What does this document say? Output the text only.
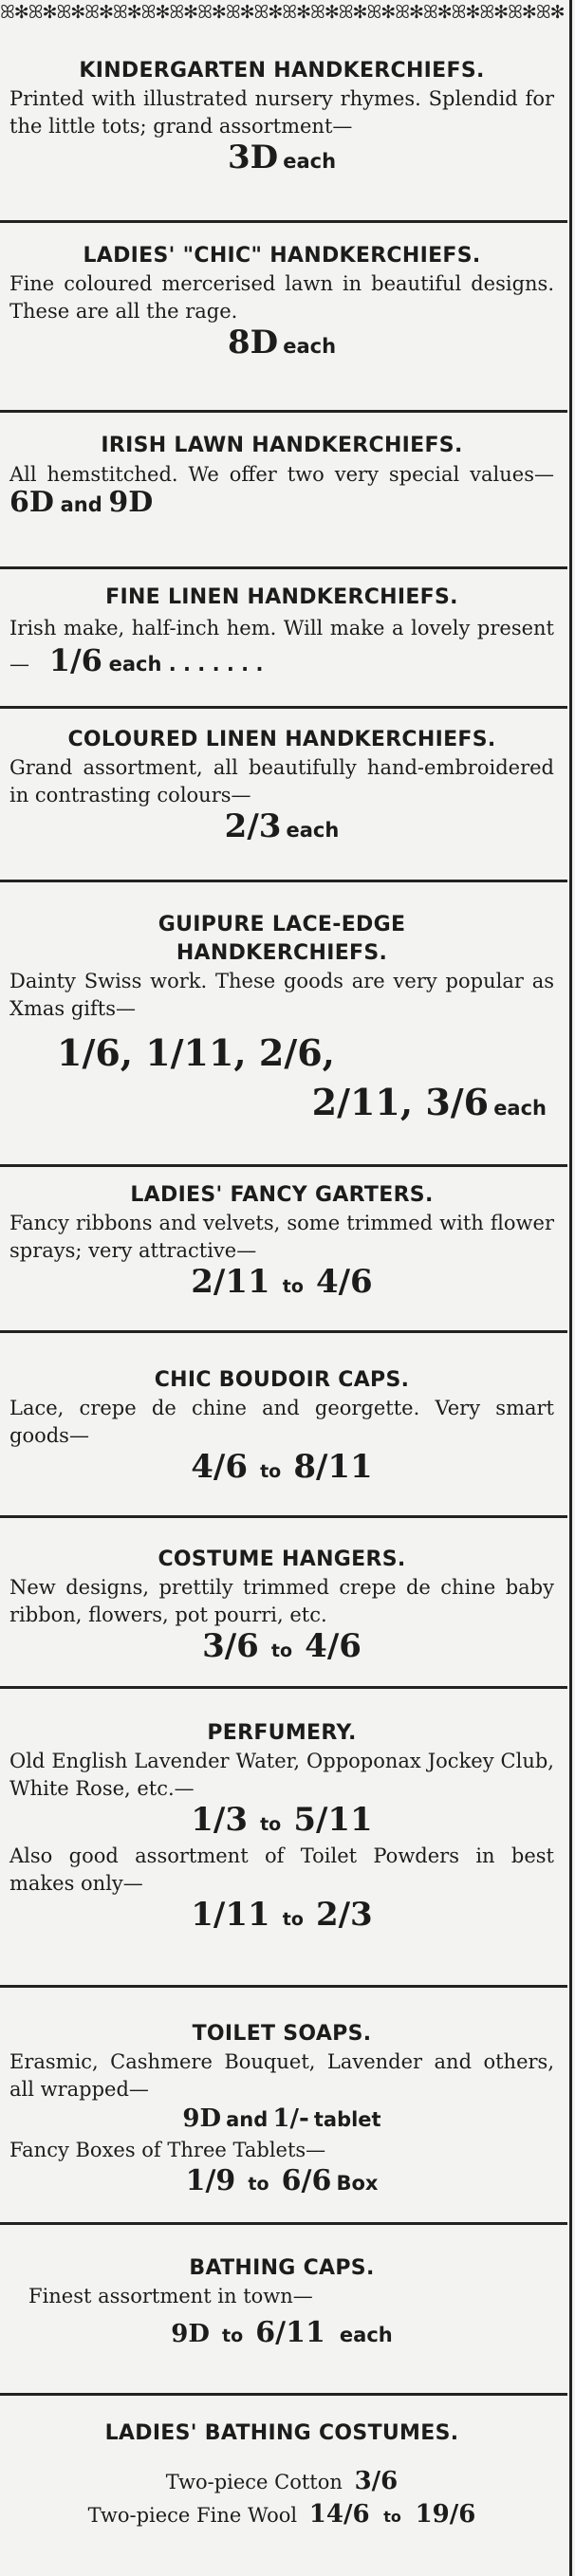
ꕤ✻ꕤ✻ꕤ✻ꕤ✻ꕤ✻ꕤ✻ꕤ✻ꕤ✻ꕤ✻ꕤ✻ꕤ✻ꕤ✻ꕤ✻ꕤ✻ꕤ✻ꕤ✻ꕤ✻ꕤ✻ꕤ✻ꕤ✻

KINDERGARTEN HANDKERCHIEFS.

Printed with illustrated nursery rhymes. Splendid for the little tots; grand assortment—

3D each

LADIES' "CHIC" HANDKERCHIEFS.

Fine coloured mercerised lawn in beautiful designs. These are all the rage.

8D each

IRISH LAWN HANDKERCHIEFS.

All hemstitched. We offer two very special values— 6D and 9D

FINE LINEN HANDKERCHIEFS.

Irish make, half-inch hem. Will make a lovely present— 1/6 each . . . . . . .

COLOURED LINEN HANDKERCHIEFS.

Grand assortment, all beautifully hand-embroidered in contrasting colours—

2/3 each

GUIPURE LACE-EDGE HANDKERCHIEFS.

Dainty Swiss work. These goods are very popular as Xmas gifts—

1/6, 1/11, 2/6,

2/11, 3/6 each

LADIES' FANCY GARTERS.

Fancy ribbons and velvets, some trimmed with flower sprays; very attractive—

2/11 to 4/6

CHIC BOUDOIR CAPS.

Lace, crepe de chine and georgette. Very smart goods—

4/6 to 8/11

COSTUME HANGERS.

New designs, prettily trimmed crepe de chine baby ribbon, flowers, pot pourri, etc.

3/6 to 4/6

PERFUMERY.

Old English Lavender Water, Oppoponax Jockey Club, White Rose, etc.—

1/3 to 5/11

Also good assortment of Toilet Powders in best makes only—

1/11 to 2/3

TOILET SOAPS.

Erasmic, Cashmere Bouquet, Lavender and others, all wrapped—

9D and 1/- tablet

Fancy Boxes of Three Tablets—

1/9 to 6/6 Box

BATHING CAPS.

Finest assortment in town—

9D to 6/11 each

LADIES' BATHING COSTUMES.

Two-piece Cotton 3/6

Two-piece Fine Wool 14/6 to 19/6
